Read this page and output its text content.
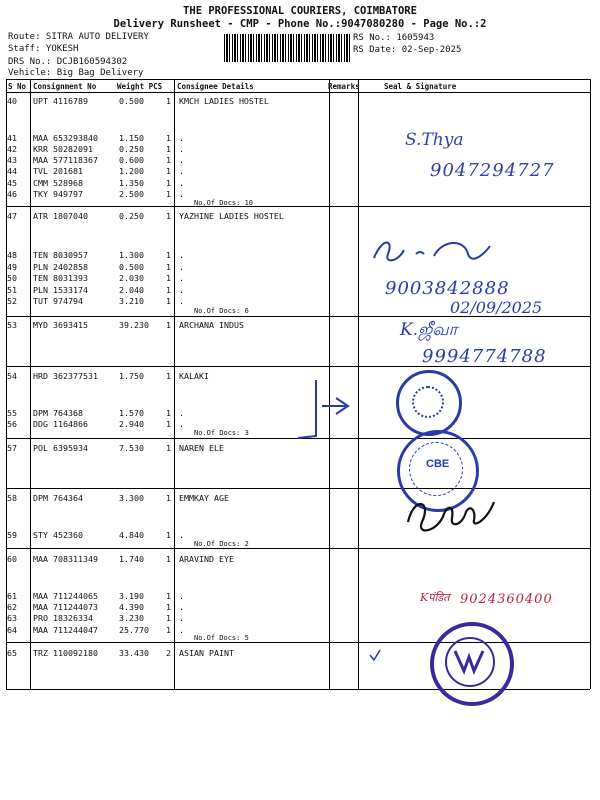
THE PROFESSIONAL COURIERS, COIMBATORE
Delivery Runsheet - CMP - Phone No.:9047080280 - Page No.:2
Route: SITRA AUTO DELIVERY
Staff: YOKESH
DRS No.: DCJB160594302
Vehicle: Big Bag Delivery
RS No.: 1605943
RS Date: 02-Sep-2025
S No Consignment No	Weight PCS Consignee Details	Remarks	Seal & Signature
40 UPT 4116789	0.500	1 KMCH LADIES HOSTEL
41 MAA 653293840	1.150	1 .
42 KRR 50282091	0.250	1 .
43 MAA 577118367	0.600	1 .
44 TVL 201681	1.200	1 .
45 CMM 528968	1.350	1 .
46 TKY 949797	2.500	1 .
No.Of Docs: 10
47 ATR 1807040	0.250	1 YAZHINE LADIES HOSTEL
48 TEN 8030957	1.300	1 .
49 PLN 2402858	0.500	1 .
50 TEN 8031393	2.030	1 .
51 PLN 1533174	2.040	1 .
52 TUT 974794	3.210	1 .
No.Of Docs: 6
53 MYD 3693415	39.230 1 ARCHANA INDUS
54 HRD 362377531	1.750	1 KALAKI
55 DPM 764368	1.570	1 .
56 DDG 1164866	2.940	1 .
No.Of Docs: 3
57 POL 6395934	7.530	1 NAREN ELE
58 DPM 764364	3.300	1 EMMKAY AGE
59 STY 452360	4.840	1 .
No.Of Docs: 2
60 MAA 708311349	1.740	1 ARAVIND EYE
61 MAA 711244065	3.190	1 .
62 MAA 711244073	4.390	1 .
63 PRO 18326334	3.230	1 .
64 MAA 711244047	25.770 1 .
No.Of Docs: 5
65 TRZ 110092180	33.430 2 ASIAN PAINT
S.Thya
9047294727
9003842888
02/09/2025
K.ஜீவா
9994774788
CBE
Kपंडित 9024360400
